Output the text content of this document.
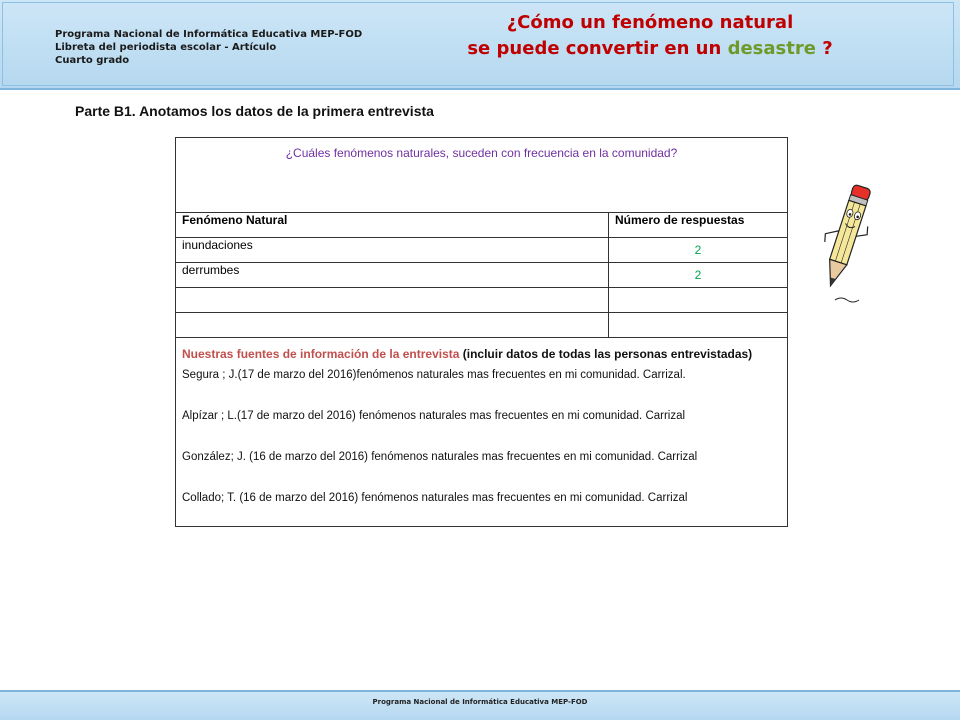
Programa Nacional de Informática Educativa MEP-FOD
Libreta del periodista escolar - Artículo
Cuarto grado
¿Cómo un fenómeno natural
se puede convertir en un desastre ?
Parte B1. Anotamos los datos de la primera entrevista
¿Cuáles fenómenos naturales, suceden con frecuencia en la comunidad?	
Fenómeno Natural	Número de respuestas
inundaciones	2
derrumbes	2

Nuestras fuentes de información de la entrevista (incluir datos de todas las personas entrevistadas)
Segura ; J.(17 de marzo del 2016)fenómenos naturales mas frecuentes en mi comunidad. Carrizal.
Alpízar ; L.(17 de marzo del 2016) fenómenos naturales mas frecuentes en mi comunidad. Carrizal
González; J. (16 de marzo del 2016) fenómenos naturales mas frecuentes en mi comunidad. Carrizal
Collado; T. (16 de marzo del 2016) fenómenos naturales mas frecuentes en mi comunidad. Carrizal	
Programa Nacional de Informática Educativa MEP-FOD
